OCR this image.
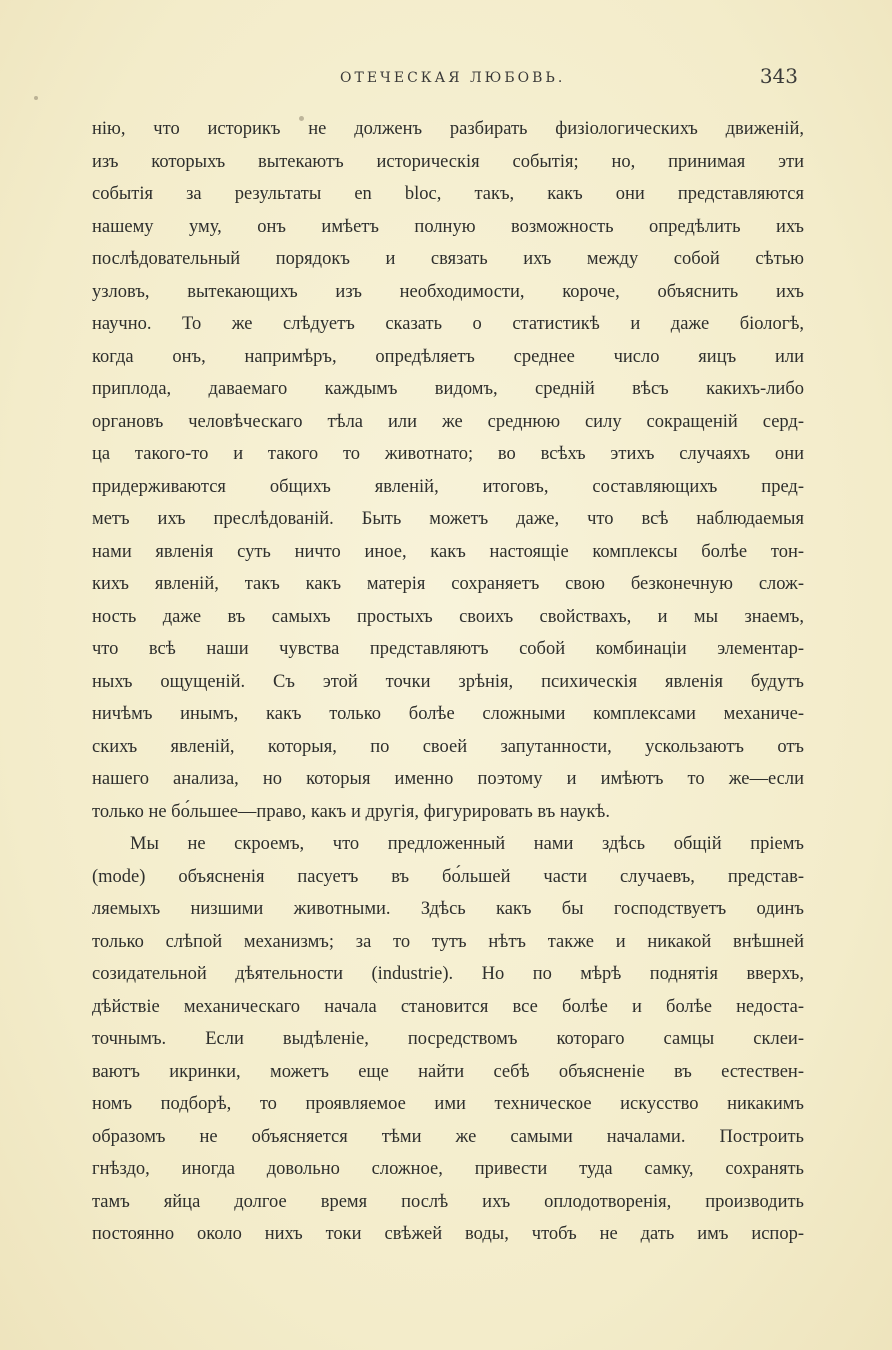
ОТЕЧЕСКАЯ ЛЮБОВЬ.	343
нію, что историкъ не долженъ разбирать физіологическихъ движеній,
изъ которыхъ вытекаютъ историческія событія; но, принимая эти
событія за результаты en bloc, такъ, какъ они представляются
нашему уму, онъ имѣетъ полную возможность опредѣлить ихъ
послѣдовательный порядокъ и связать ихъ между собой сѣтью
узловъ, вытекающихъ изъ необходимости, короче, объяснить ихъ
научно. То же слѣдуетъ сказать о статистикѣ и даже біологѣ,
когда онъ, напримѣръ, опредѣляетъ среднее число яицъ или
приплода, даваемаго каждымъ видомъ, средній вѣсъ какихъ-либо
органовъ человѣческаго тѣла или же среднюю силу сокращеній серд-
ца такого-то и такого то животнато; во всѣхъ этихъ случаяхъ они
придерживаются общихъ явленій, итоговъ, составляющихъ пред-
метъ ихъ преслѣдованій. Быть можетъ даже, что всѣ наблюдаемыя
нами явленія суть ничто иное, какъ настоящіе комплексы болѣе тон-
кихъ явленій, такъ какъ матерія сохраняетъ свою безконечную слож-
ность даже въ самыхъ простыхъ своихъ свойствахъ, и мы знаемъ,
что всѣ наши чувства представляютъ собой комбинаціи элементар-
ныхъ ощущеній. Съ этой точки зрѣнія, психическія явленія будутъ
ничѣмъ инымъ, какъ только болѣе сложными комплексами механиче-
скихъ явленій, которыя, по своей запутанности, ускользаютъ отъ
нашего анализа, но которыя именно поэтому и имѣютъ то же—если
только не бо́льшее—право, какъ и другія, фигурировать въ наукѣ.
Мы не скроемъ, что предложенный нами здѣсь общій пріемъ
(mode) объясненія пасуетъ въ бо́льшей части случаевъ, представ-
ляемыхъ низшими животными. Здѣсь какъ бы господствуетъ одинъ
только слѣпой механизмъ; за то тутъ нѣтъ также и никакой внѣшней
созидательной дѣятельности (industrie). Но по мѣрѣ поднятія вверхъ,
дѣйствіе механическаго начала становится все болѣе и болѣе недоста-
точнымъ. Если выдѣленіе, посредствомъ котораго самцы склеи-
ваютъ икринки, можетъ еще найти себѣ объясненіе въ естествен-
номъ подборѣ, то проявляемое ими техническое искусство никакимъ
образомъ не объясняется тѣми же самыми началами. Построить
гнѣздо, иногда довольно сложное, привести туда самку, сохранять
тамъ яйца долгое время послѣ ихъ оплодотворенія, производить
постоянно около нихъ токи свѣжей воды, чтобъ не дать имъ испор-
